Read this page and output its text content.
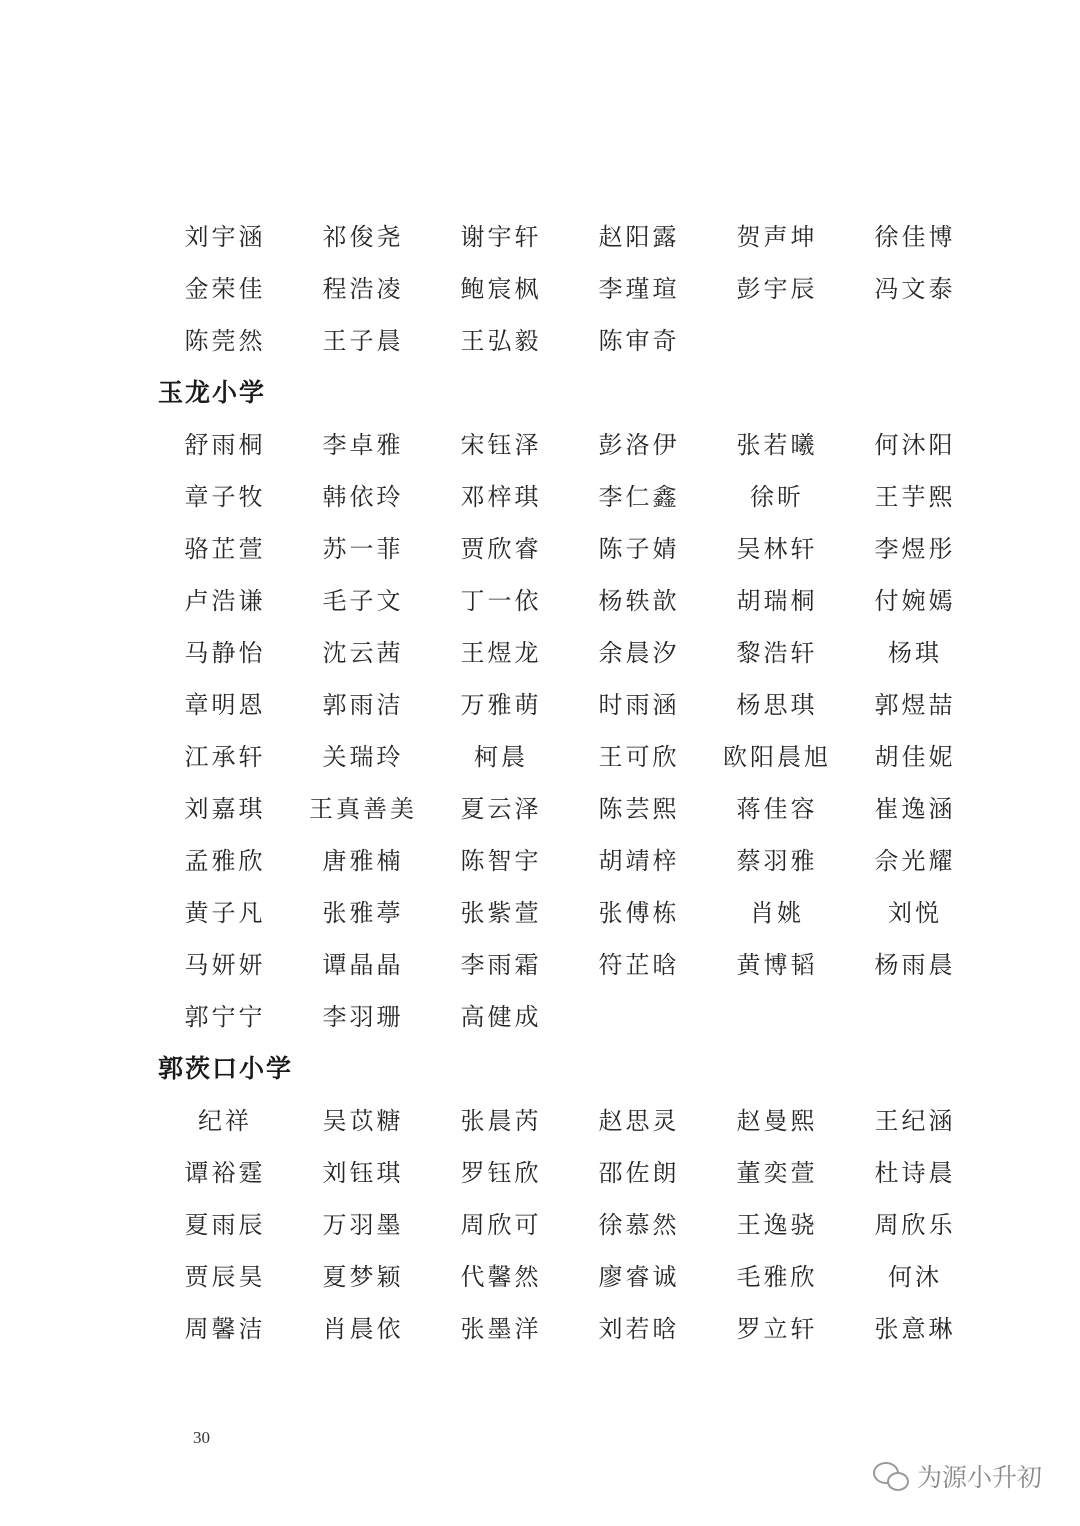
刘宇涵	祁俊尧	谢宇轩	赵阳露	贺声坤	徐佳博
金荣佳	程浩凌	鲍宸枫	李瑾瑄	彭宇辰	冯文泰
陈莞然	王子晨	王弘毅	陈审奇
玉龙小学
舒雨桐	李卓雅	宋钰泽	彭洛伊	张若曦	何沐阳
章子牧	韩依玲	邓梓琪	李仁鑫	徐昕	王芋熙
骆芷萱	苏一菲	贾欣睿	陈子婧	吴林轩	李煜彤
卢浩谦	毛子文	丁一依	杨轶歆	胡瑞桐	付婉嫣
马静怡	沈云茜	王煜龙	余晨汐	黎浩轩	杨琪
章明恩	郭雨洁	万雅萌	时雨涵	杨思琪	郭煜喆
江承轩	关瑞玲	柯晨	王可欣	欧阳晨旭	胡佳妮
刘嘉琪	王真善美	夏云泽	陈芸熙	蒋佳容	崔逸涵
孟雅欣	唐雅楠	陈智宇	胡靖梓	蔡羽雅	佘光耀
黄子凡	张雅葶	张紫萱	张傅栋	肖姚	刘悦
马妍妍	谭晶晶	李雨霜	符芷晗	黄博韬	杨雨晨
郭宁宁	李羽珊	高健成
郭茨口小学
纪祥	吴苡糖	张晨芮	赵思灵	赵曼熙	王纪涵
谭裕霆	刘钰琪	罗钰欣	邵佐朗	董奕萱	杜诗晨
夏雨辰	万羽墨	周欣可	徐慕然	王逸骁	周欣乐
贾辰昊	夏梦颖	代馨然	廖睿诚	毛雅欣	何沐
周馨洁	肖晨依	张墨洋	刘若晗	罗立轩	张意琳
30
为源小升初
